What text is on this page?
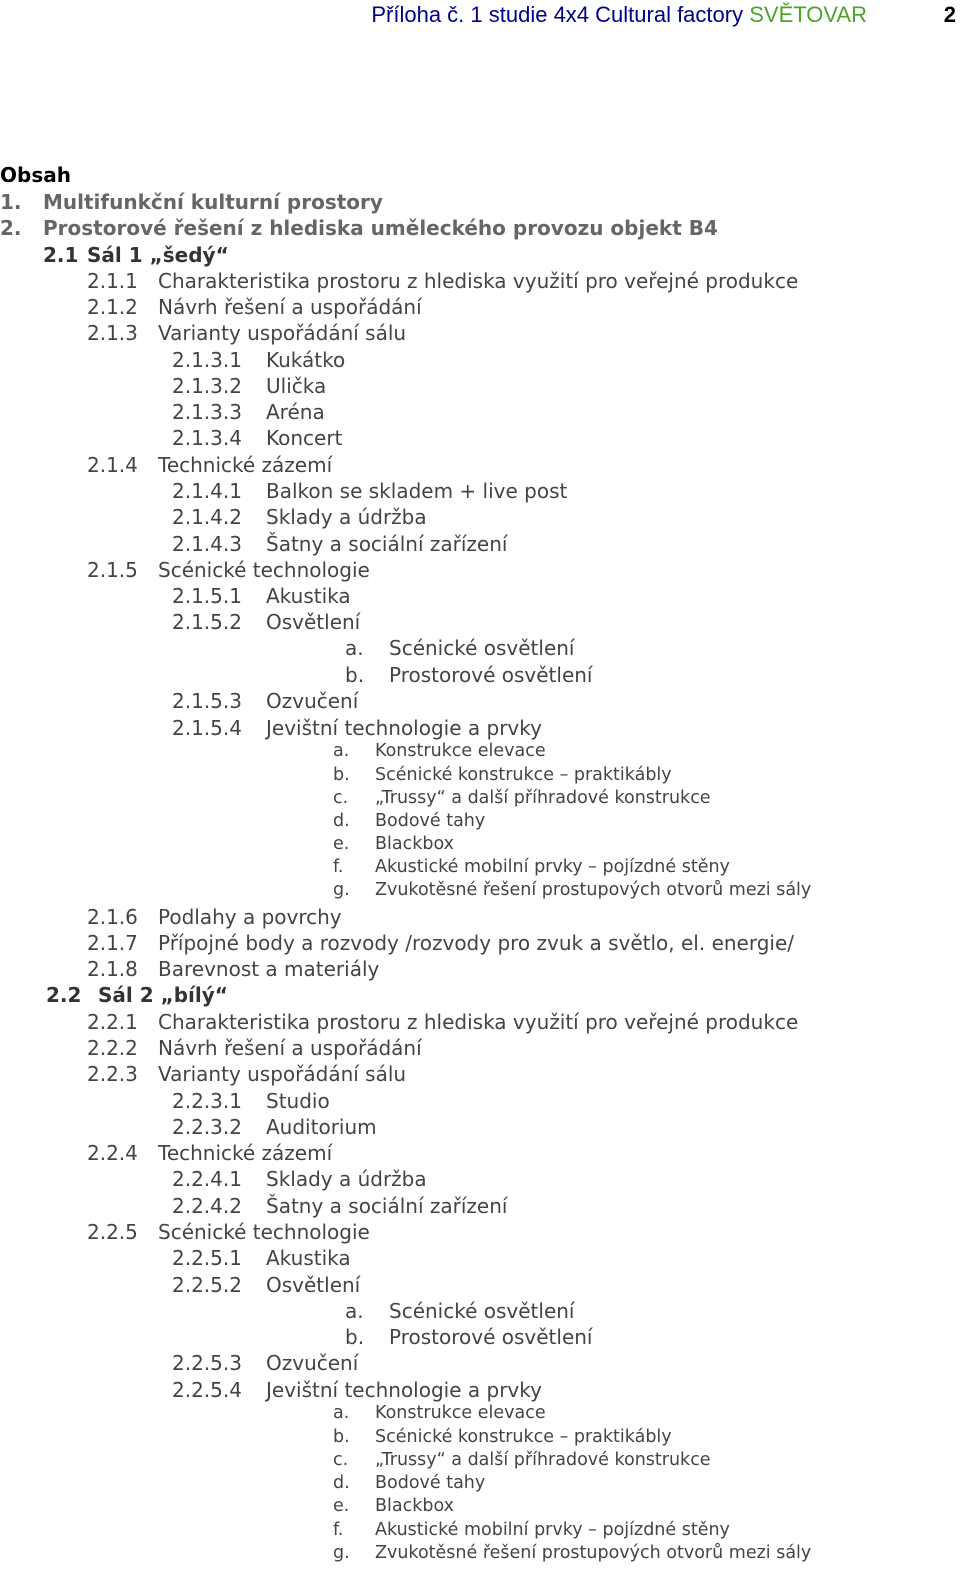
Příloha č. 1 studie 4x4 Cultural factory SVĚTOVAR	2
Obsah
1. Multifunkční kulturní prostory
2. Prostorové řešení z hlediska uměleckého provozu objekt B4
2.1 Sál 1 „šedý“
2.1.1 Charakteristika prostoru z hlediska využití pro veřejné produkce
2.1.2 Návrh řešení a uspořádání
2.1.3 Varianty uspořádání sálu
2.1.3.1 Kukátko
2.1.3.2 Ulička
2.1.3.3 Aréna
2.1.3.4 Koncert
2.1.4 Technické zázemí
2.1.4.1 Balkon se skladem + live post
2.1.4.2 Sklady a údržba
2.1.4.3 Šatny a sociální zařízení
2.1.5 Scénické technologie
2.1.5.1 Akustika
2.1.5.2 Osvětlení
a. Scénické osvětlení
b. Prostorové osvětlení
2.1.5.3 Ozvučení
2.1.5.4 Jevištní technologie a prvky
a. Konstrukce elevace
b. Scénické konstrukce – praktikábly
c. „Trussy“ a další příhradové konstrukce
d. Bodové tahy
e. Blackbox
f. Akustické mobilní prvky – pojízdné stěny
g. Zvukotěsné řešení prostupových otvorů mezi sály
2.1.6 Podlahy a povrchy
2.1.7 Přípojné body a rozvody /rozvody pro zvuk a světlo, el. energie/
2.1.8 Barevnost a materiály
2.2 Sál 2 „bílý“
2.2.1 Charakteristika prostoru z hlediska využití pro veřejné produkce
2.2.2 Návrh řešení a uspořádání
2.2.3 Varianty uspořádání sálu
2.2.3.1 Studio
2.2.3.2 Auditorium
2.2.4 Technické zázemí
2.2.4.1 Sklady a údržba
2.2.4.2 Šatny a sociální zařízení
2.2.5 Scénické technologie
2.2.5.1 Akustika
2.2.5.2 Osvětlení
a. Scénické osvětlení
b. Prostorové osvětlení
2.2.5.3 Ozvučení
2.2.5.4 Jevištní technologie a prvky
a. Konstrukce elevace
b. Scénické konstrukce – praktikábly
c. „Trussy“ a další příhradové konstrukce
d. Bodové tahy
e. Blackbox
f. Akustické mobilní prvky – pojízdné stěny
g. Zvukotěsné řešení prostupových otvorů mezi sály
